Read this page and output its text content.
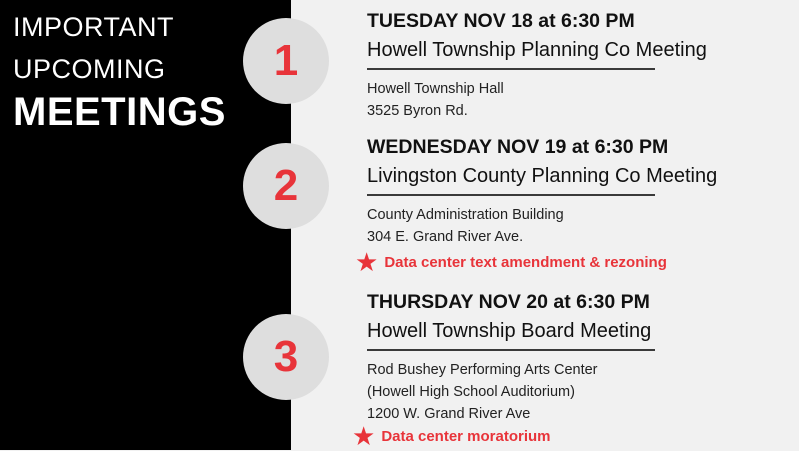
IMPORTANT
UPCOMING
MEETINGS
1
2
3
TUESDAY NOV 18 at 6:30 PM
Howell Township Planning Co Meeting
Howell Township Hall
3525 Byron Rd.
WEDNESDAY NOV 19 at 6:30 PM
Livingston County Planning Co Meeting
County Administration Building
304 E. Grand River Ave.
THURSDAY NOV 20 at 6:30 PM
Howell Township Board Meeting
Rod Bushey Performing Arts Center
(Howell High School Auditorium)
1200 W. Grand River Ave
★ Data center text amendment & rezoning
★ Data center moratorium
